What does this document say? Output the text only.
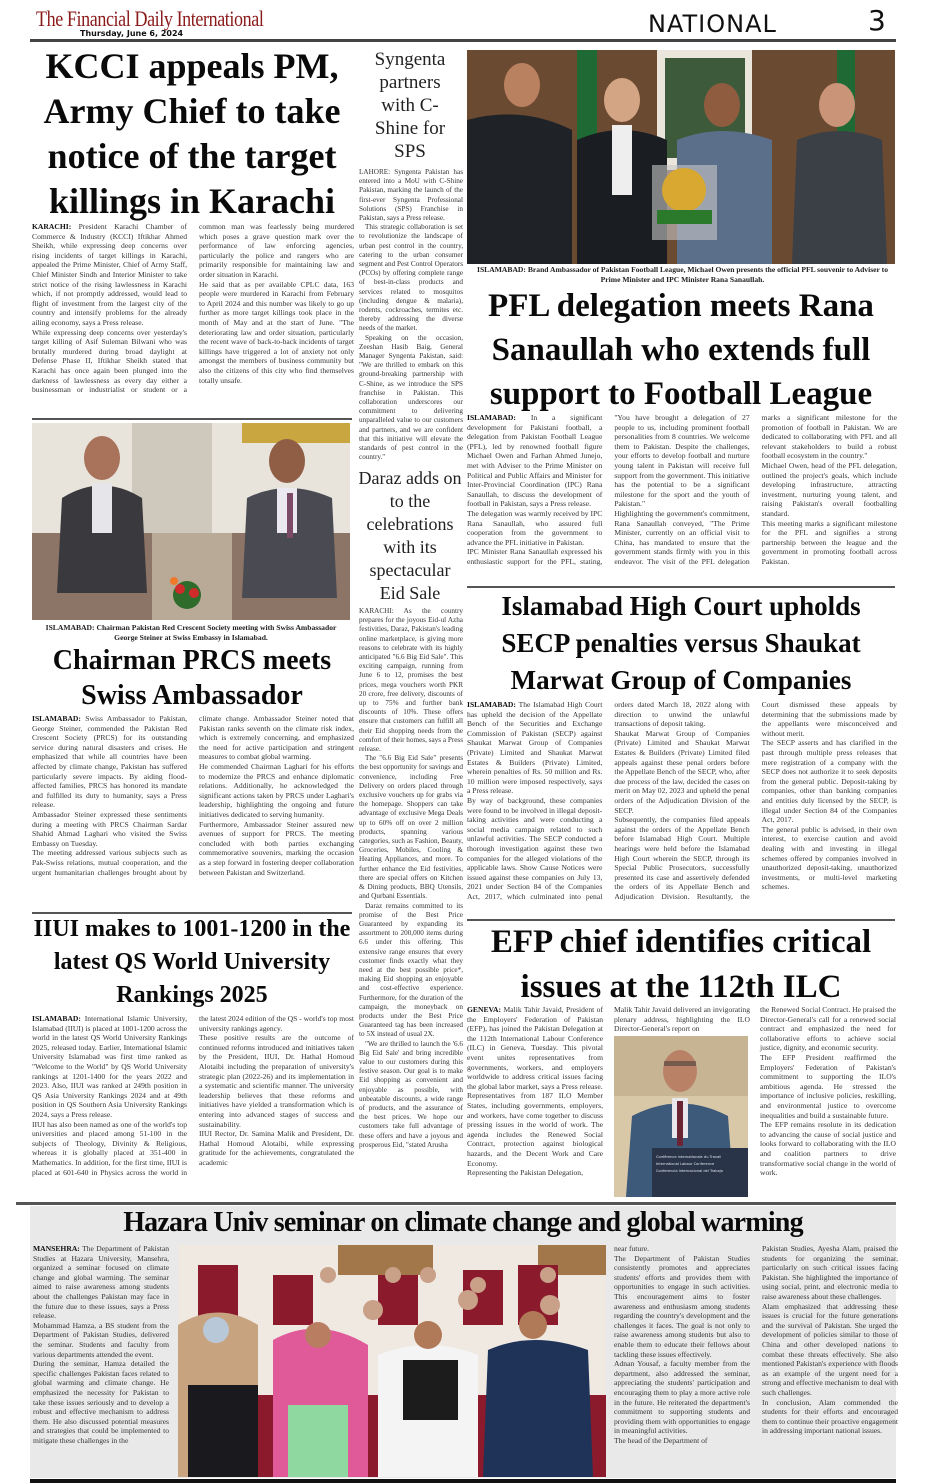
The Financial Daily International
Thursday, June 6, 2024	NATIONAL	3
KCCI appeals PM, Army Chief to take notice of the target killings in Karachi

KARACHI: President Karachi Chamber of Commerce & Industry (KCCI) Iftikhar Ahmed Sheikh, while expressing deep concerns over rising incidents of target killings in Karachi, appealed the Prime Minister, Chief of Army Staff, Chief Minister Sindh and Interior Minister to take strict notice of the rising lawlessness in Karachi which, if not promptly addressed, would lead to flight of investment from the largest city of the country and intensify problems for the already ailing economy, says a Press release.

While expressing deep concerns over yesterday's target killing of Asif Suleman Bilwani who was brutally murdered during broad daylight at Defense Phase II, Iftikhar Sheikh stated that Karachi has once again been plunged into the darkness of lawlessness as every day either a businessman or industrialist or student or a common man was fearlessly being murdered which poses a grave question mark over the performance of law enforcing agencies, particularly the police and rangers who are primarily responsible for maintaining law and order situation in Karachi.

He said that as per available CPLC data, 163 people were murdered in Karachi from February to April 2024 and this number was likely to go up further as more target killings took place in the month of May and at the start of June. "The deteriorating law and order situation, particularly the recent wave of back-to-back incidents of target killings have triggered a lot of anxiety not only amongst the members of business community but also the citizens of this city who find themselves totally unsafe.

ISLAMABAD: Chairman Pakistan Red Crescent Society meeting with Swiss Ambassador George Steiner at Swiss Embassy in Islamabad.
Chairman PRCS meets Swiss Ambassador

ISLAMABAD: Swiss Ambassador to Pakistan, George Steiner, commended the Pakistan Red Crescent Society (PRCS) for its outstanding service during natural disasters and crises. He emphasized that while all countries have been affected by climate change, Pakistan has suffered particularly severe impacts. By aiding flood-affected families, PRCS has honored its mandate and fulfilled its duty to humanity, says a Press release.

Ambassador Steiner expressed these sentiments during a meeting with PRCS Chairman Sardar Shahid Ahmad Laghari who visited the Swiss Embassy on Tuesday.

The meeting addressed various subjects such as Pak-Swiss relations, mutual cooperation, and the urgent humanitarian challenges brought about by climate change. Ambassador Steiner noted that Pakistan ranks seventh on the climate risk index, which is extremely concerning, and emphasized the need for active participation and stringent measures to combat global warming.

He commended Chairman Laghari for his efforts to modernize the PRCS and enhance diplomatic relations. Additionally, he acknowledged the significant actions taken by PRCS under Laghari's leadership, highlighting the ongoing and future initiatives dedicated to serving humanity.

Furthermore, Ambassador Steiner assured new avenues of support for PRCS. The meeting concluded with both parties exchanging commemorative souvenirs, marking the occasion as a step forward in fostering deeper collaboration between Pakistan and Switzerland.

IIUI makes to 1001-1200 in the latest QS World University Rankings 2025

ISLAMABAD: International Islamic University, Islamabad (IIUI) is placed at 1001-1200 across the world in the latest QS World University Rankings 2025, released today. Earlier, International Islamic University Islamabad was first time ranked as "Welcome to the World" by QS World University rankings at 1201-1400 for the years 2022 and 2023. Also, IIUI was ranked at 249th position in QS Asia University Rankings 2024 and at 49th position in QS Southern Asia University Rankings 2024, says a Press release.

IIUI has also been named as one of the world's top universities and placed among 51-100 in the subjects of Theology, Divinity & Religious, whereas it is globally placed at 351-400 in Mathematics. In addition, for the first time, IIUI is placed at 601-640 in Physics across the world in the latest 2024 edition of the QS - world's top most university rankings agency.

These positive results are the outcome of continued reforms introduced and initiatives taken by the President, IIUI, Dr. Hathal Homoud Alotaibi including the preparation of university's strategic plan (2022-26) and its implementation in a systematic and scientific manner. The university leadership believes that these reforms and initiatives have yielded a transformation which is entering into advanced stages of success and sustainability.

IIUI Rector, Dr. Samina Malik and President, Dr. Hathal Homoud Alotaibi, while expressing gratitude for the achievements, congratulated the academic

Syngenta partners with C-Shine for SPS

LAHORE: Syngenta Pakistan has entered into a MoU with C-Shine Pakistan, marking the launch of the first-ever Syngenta Professional Solutions (SPS) Franchise in Pakistan, says a Press release.

This strategic collaboration is set to revolutionize the landscape of urban pest control in the country, catering to the urban consumer segment and Pest Control Operators (PCOs) by offering complete range of best-in-class products and services related to mosquitos (including dengue & malaria), rodents, cockroaches, termites etc. thereby addressing the diverse needs of the market.

Speaking on the occasion, Zeeshan Hasib Baig, General Manager Syngenta Pakistan, said: "We are thrilled to embark on this ground-breaking partnership with C-Shine, as we introduce the SPS franchise in Pakistan. This collaboration underscores our commitment to delivering unparalleled value to our customers and partners, and we are confident that this initiative will elevate the standards of pest control in the country."

Daraz adds on to the celebrations with its spectacular Eid Sale

KARACHI: As the country prepares for the joyous Eid-ul Azha festivities, Daraz, Pakistan's leading online marketplace, is giving more reasons to celebrate with its highly anticipated "6.6 Big Eid Sale". This exciting campaign, running from June 6 to 12, promises the best prices, mega vouchers worth PKR 20 crore, free delivery, discounts of up to 75% and further bank discounts of 10%. These offers ensure that customers can fulfill all their Eid shopping needs from the comfort of their homes, says a Press release.

The "6.6 Big Eid Sale" presents the best opportunity for savings and convenience, including Free Delivery on orders placed through exclusive vouchers up for grabs via the homepage. Shoppers can take advantage of exclusive Mega Deals up to 60% off on over 2 million products, spanning various categories, such as Fashion, Beauty, Groceries, Mobiles, Cooling & Heating Appliances, and more. To further enhance the Eid festivities, there are special offers on Kitchen & Dining products, BBQ Utensils, and Qurbani Essentials.

Daraz remains committed to its promise of the Best Price Guaranteed by expanding its assortment to 200,000 items during 6.6 under this offering. This extensive range ensures that every customer finds exactly what they need at the best possible price*, making Eid shopping an enjoyable and cost-effective experience. Furthermore, for the duration of the campaign, the moneyback on products under the Best Price Guaranteed tag has been increased to 5X instead of usual 2X.

"We are thrilled to launch the '6.6 Big Eid Sale' and bring incredible value to our customers during this festive season. Our goal is to make Eid shopping as convenient and enjoyable as possible, with unbeatable discounts, a wide range of products, and the assurance of the best prices. We hope our customers take full advantage of these offers and have a joyous and prosperous Eid, "stated Arusha

ISLAMABAD: Brand Ambassador of Pakistan Football League, Michael Owen presents the official PFL souvenir to Adviser to Prime Minister and IPC Minister Rana Sanaullah.
PFL delegation meets Rana Sanaullah who extends full support to Football League

ISLAMABAD: In a significant development for Pakistani football, a delegation from Pakistan Football League (PFL), led by renowned football figure Michael Owen and Farhan Ahmed Junejo, met with Adviser to the Prime Minister on Political and Public Affairs and Minister for Inter-Provincial Coordination (IPC) Rana Sanaullah, to discuss the development of football in Pakistan, says a Press release.

The delegation was warmly received by IPC Rana Sanaullah, who assured full cooperation from the government to advance the PFL initiative in Pakistan.

IPC Minister Rana Sanaullah expressed his enthusiastic support for the PFL, stating, "You have brought a delegation of 27 people to us, including prominent football personalities from 8 countries. We welcome them to Pakistan. Despite the challenges, your efforts to develop football and nurture young talent in Pakistan will receive full support from the government. This initiative has the potential to be a significant milestone for the sport and the youth of Pakistan."

Highlighting the government's commitment, Rana Sanaullah conveyed, "The Prime Minister, currently on an official visit to China, has mandated to ensure that the government stands firmly with you in this endeavor. The visit of the PFL delegation marks a significant milestone for the promotion of football in Pakistan. We are dedicated to collaborating with PFL and all relevant stakeholders to build a robust football ecosystem in the country."

Michael Owen, head of the PFL delegation, outlined the project's goals, which include developing infrastructure, attracting investment, nurturing young talent, and raising Pakistan's overall footballing standard.

This meeting marks a significant milestone for the PFL and signifies a strong partnership between the league and the government in promoting football across Pakistan.

Islamabad High Court upholds SECP penalties versus Shaukat Marwat Group of Companies

ISLAMABAD: The Islamabad High Court has upheld the decision of the Appellate Bench of the Securities and Exchange Commission of Pakistan (SECP) against Shaukat Marwat Group of Companies (Private) Limited and Shaukat Marwat Estates & Builders (Private) Limited, wherein penalties of Rs. 50 million and Rs. 10 million were imposed respectively, says a Press release.

By way of background, these companies were found to be involved in illegal deposit-taking activities and were conducting a social media campaign related to such unlawful activities. The SECP conducted a thorough investigation against these two companies for the alleged violations of the applicable laws. Show Cause Notices were issued against these companies on July 13, 2021 under Section 84 of the Companies Act, 2017, which culminated into penal orders dated March 18, 2022 along with direction to unwind the unlawful transactions of deposit taking.

Shaukat Marwat Group of Companies (Private) Limited and Shaukat Marwat Estates & Builders (Private) Limited filed appeals against these penal orders before the Appellate Bench of the SECP, who, after due process of the law, decided the cases on merit on May 02, 2023 and upheld the penal orders of the Adjudication Division of the SECP.

Subsequently, the companies filed appeals against the orders of the Appellate Bench before Islamabad High Court. Multiple hearings were held before the Islamabad High Court wherein the SECP, through its Special Public Prosecutors, successfully presented its case and assertively defended the orders of its Appellate Bench and Adjudication Division. Resultantly, the Court dismissed these appeals by determining that the submissions made by the appellants were misconceived and without merit.

The SECP asserts and has clarified in the past through multiple press releases that mere registration of a company with the SECP does not authorize it to seek deposits from the general public. Deposit-taking by companies, other than banking companies and entities duly licensed by the SECP, is illegal under Section 84 of the Companies Act, 2017.

The general public is advised, in their own interest, to exercise caution and avoid dealing with and investing in illegal schemes offered by companies involved in unauthorized deposit-taking, unauthorized investments, or multi-level marketing schemes.

EFP chief identifies critical issues at the 112th ILC

GENEVA: Malik Tahir Javaid, President of the Employers' Federation of Pakistan (EFP), has joined the Pakistan Delegation at the 112th International Labour Conference (ILC) in Geneva, Tuesday. This pivotal event unites representatives from governments, workers, and employers worldwide to address critical issues facing the global labor market, says a Press release.

Representatives from 187 ILO Member States, including governments, employers, and workers, have come together to discuss pressing issues in the world of work. The agenda includes the Renewed Social Contract, protection against biological hazards, and the Decent Work and Care Economy.

Representing the Pakistan Delegation,

Malik Tahir Javaid delivered an invigorating plenary address, highlighting the ILO Director-General's report on

Conférence internationale du Travail
International Labour Conference
Conferencia Internacional del Trabajo

the Renewed Social Contract. He praised the Director-General's call for a renewed social contract and emphasized the need for collaborative efforts to achieve social justice, dignity, and economic security.

The EFP President reaffirmed the Employers' Federation of Pakistan's commitment to supporting the ILO's ambitious agenda. He stressed the importance of inclusive policies, reskilling, and environmental justice to overcome inequalities and build a sustainable future.

The EFP remains resolute in its dedication to advancing the cause of social justice and looks forward to collaborating with the ILO and coalition partners to drive transformative social change in the world of work.

Hazara Univ seminar on climate change and global warming

MANSEHRA: The Department of Pakistan Studies at Hazara University, Mansehra, organized a seminar focused on climate change and global warming. The seminar aimed to raise awareness among students about the challenges Pakistan may face in the future due to these issues, says a Press release.

Mohammad Hamza, a BS student from the Department of Pakistan Studies, delivered the seminar. Students and faculty from various departments attended the event.

During the seminar, Hamza detailed the specific challenges Pakistan faces related to global warming and climate change. He emphasized the necessity for Pakistan to take these issues seriously and to develop a robust and effective mechanism to address them. He also discussed potential measures and strategies that could be implemented to mitigate these challenges in the

near future.

The Department of Pakistan Studies consistently promotes and appreciates students' efforts and provides them with opportunities to engage in such activities. This encouragement aims to foster awareness and enthusiasm among students regarding the country's development and the challenges it faces. The goal is not only to raise awareness among students but also to enable them to educate their fellows about tackling these issues effectively.

Adnan Yousaf, a faculty member from the department, also addressed the seminar, appreciating the students' participation and encouraging them to play a more active role in the future. He reiterated the department's commitment to supporting students and providing them with opportunities to engage in meaningful activities.

The head of the Department of

Pakistan Studies, Ayesha Alam, praised the students for organizing the seminar, particularly on such critical issues facing Pakistan. She highlighted the importance of using social, print, and electronic media to raise awareness about these challenges.

Alam emphasized that addressing these issues is crucial for the future generations and the survival of Pakistan. She urged the development of policies similar to those of China and other developed nations to combat these threats effectively. She also mentioned Pakistan's experience with floods as an example of the urgent need for a strong and effective mechanism to deal with such challenges.

In conclusion, Alam commended the students for their efforts and encouraged them to continue their proactive engagement in addressing important national issues.
